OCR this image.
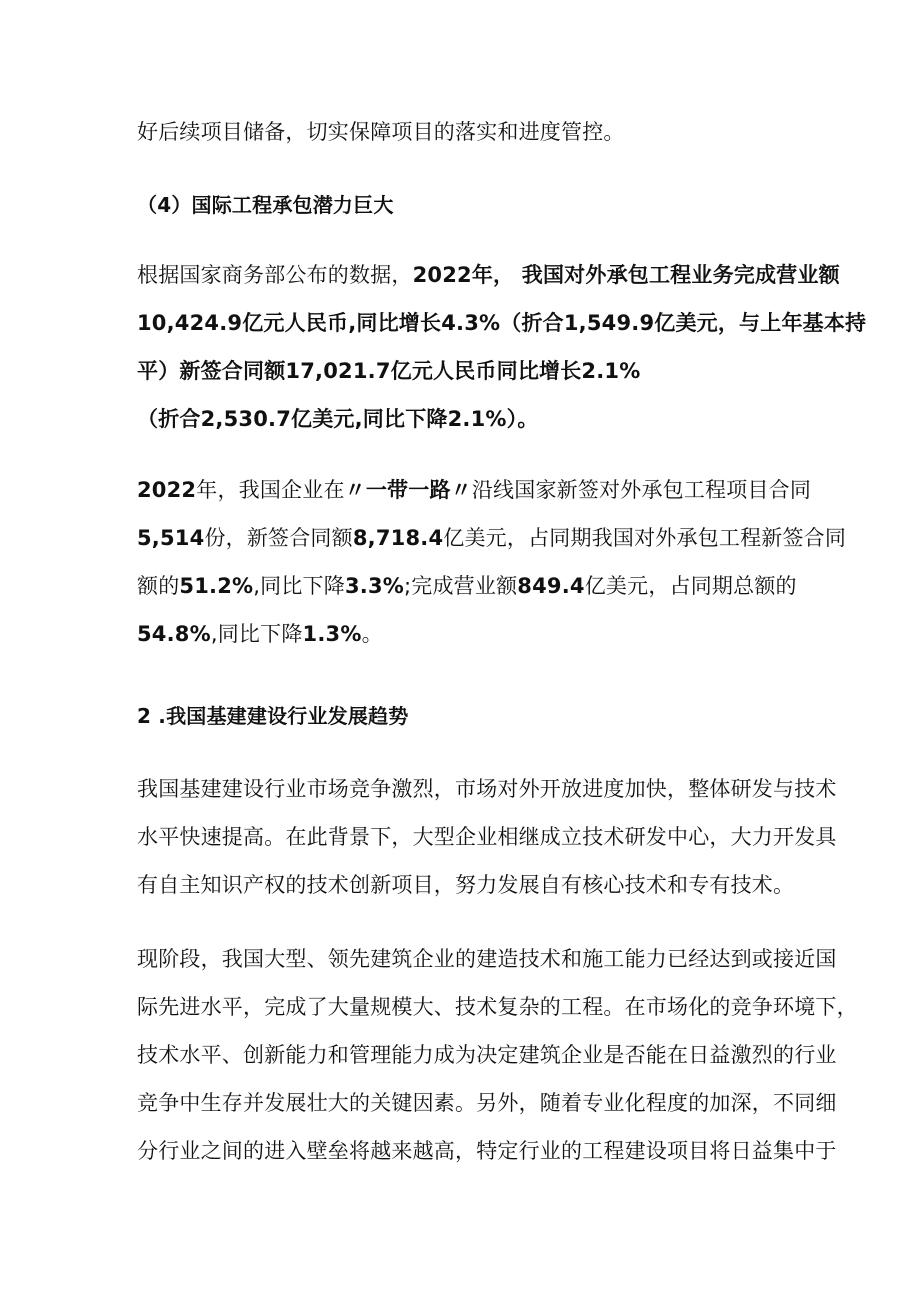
好后续项目储备，切实保障项目的落实和进度管控。
（4）国际工程承包潜力巨大
根据国家商务部公布的数据，2022年， 我国对外承包工程业务完成营业额
10,424.9亿元人民币,同比增长4.3%（折合1,549.9亿美元，与上年基本持
平）新签合同额17,021.7亿元人民币同比增长2.1%
（折合2,530.7亿美元,同比下降2.1%）。
2022年，我国企业在〃一带一路〃沿线国家新签对外承包工程项目合同
5,514份，新签合同额8,718.4亿美元，占同期我国对外承包工程新签合同
额的51.2%,同比下降3.3%;完成营业额849.4亿美元，占同期总额的
54.8%,同比下降1.3%。
2 .我国基建建设行业发展趋势
我国基建建设行业市场竞争激烈，市场对外开放进度加快，整体研发与技术
水平快速提高。在此背景下，大型企业相继成立技术研发中心，大力开发具
有自主知识产权的技术创新项目，努力发展自有核心技术和专有技术。
现阶段，我国大型、领先建筑企业的建造技术和施工能力已经达到或接近国
际先进水平，完成了大量规模大、技术复杂的工程。在市场化的竞争环境下，
技术水平、创新能力和管理能力成为决定建筑企业是否能在日益激烈的行业
竞争中生存并发展壮大的关键因素。另外，随着专业化程度的加深，不同细
分行业之间的进入壁垒将越来越高，特定行业的工程建设项目将日益集中于
